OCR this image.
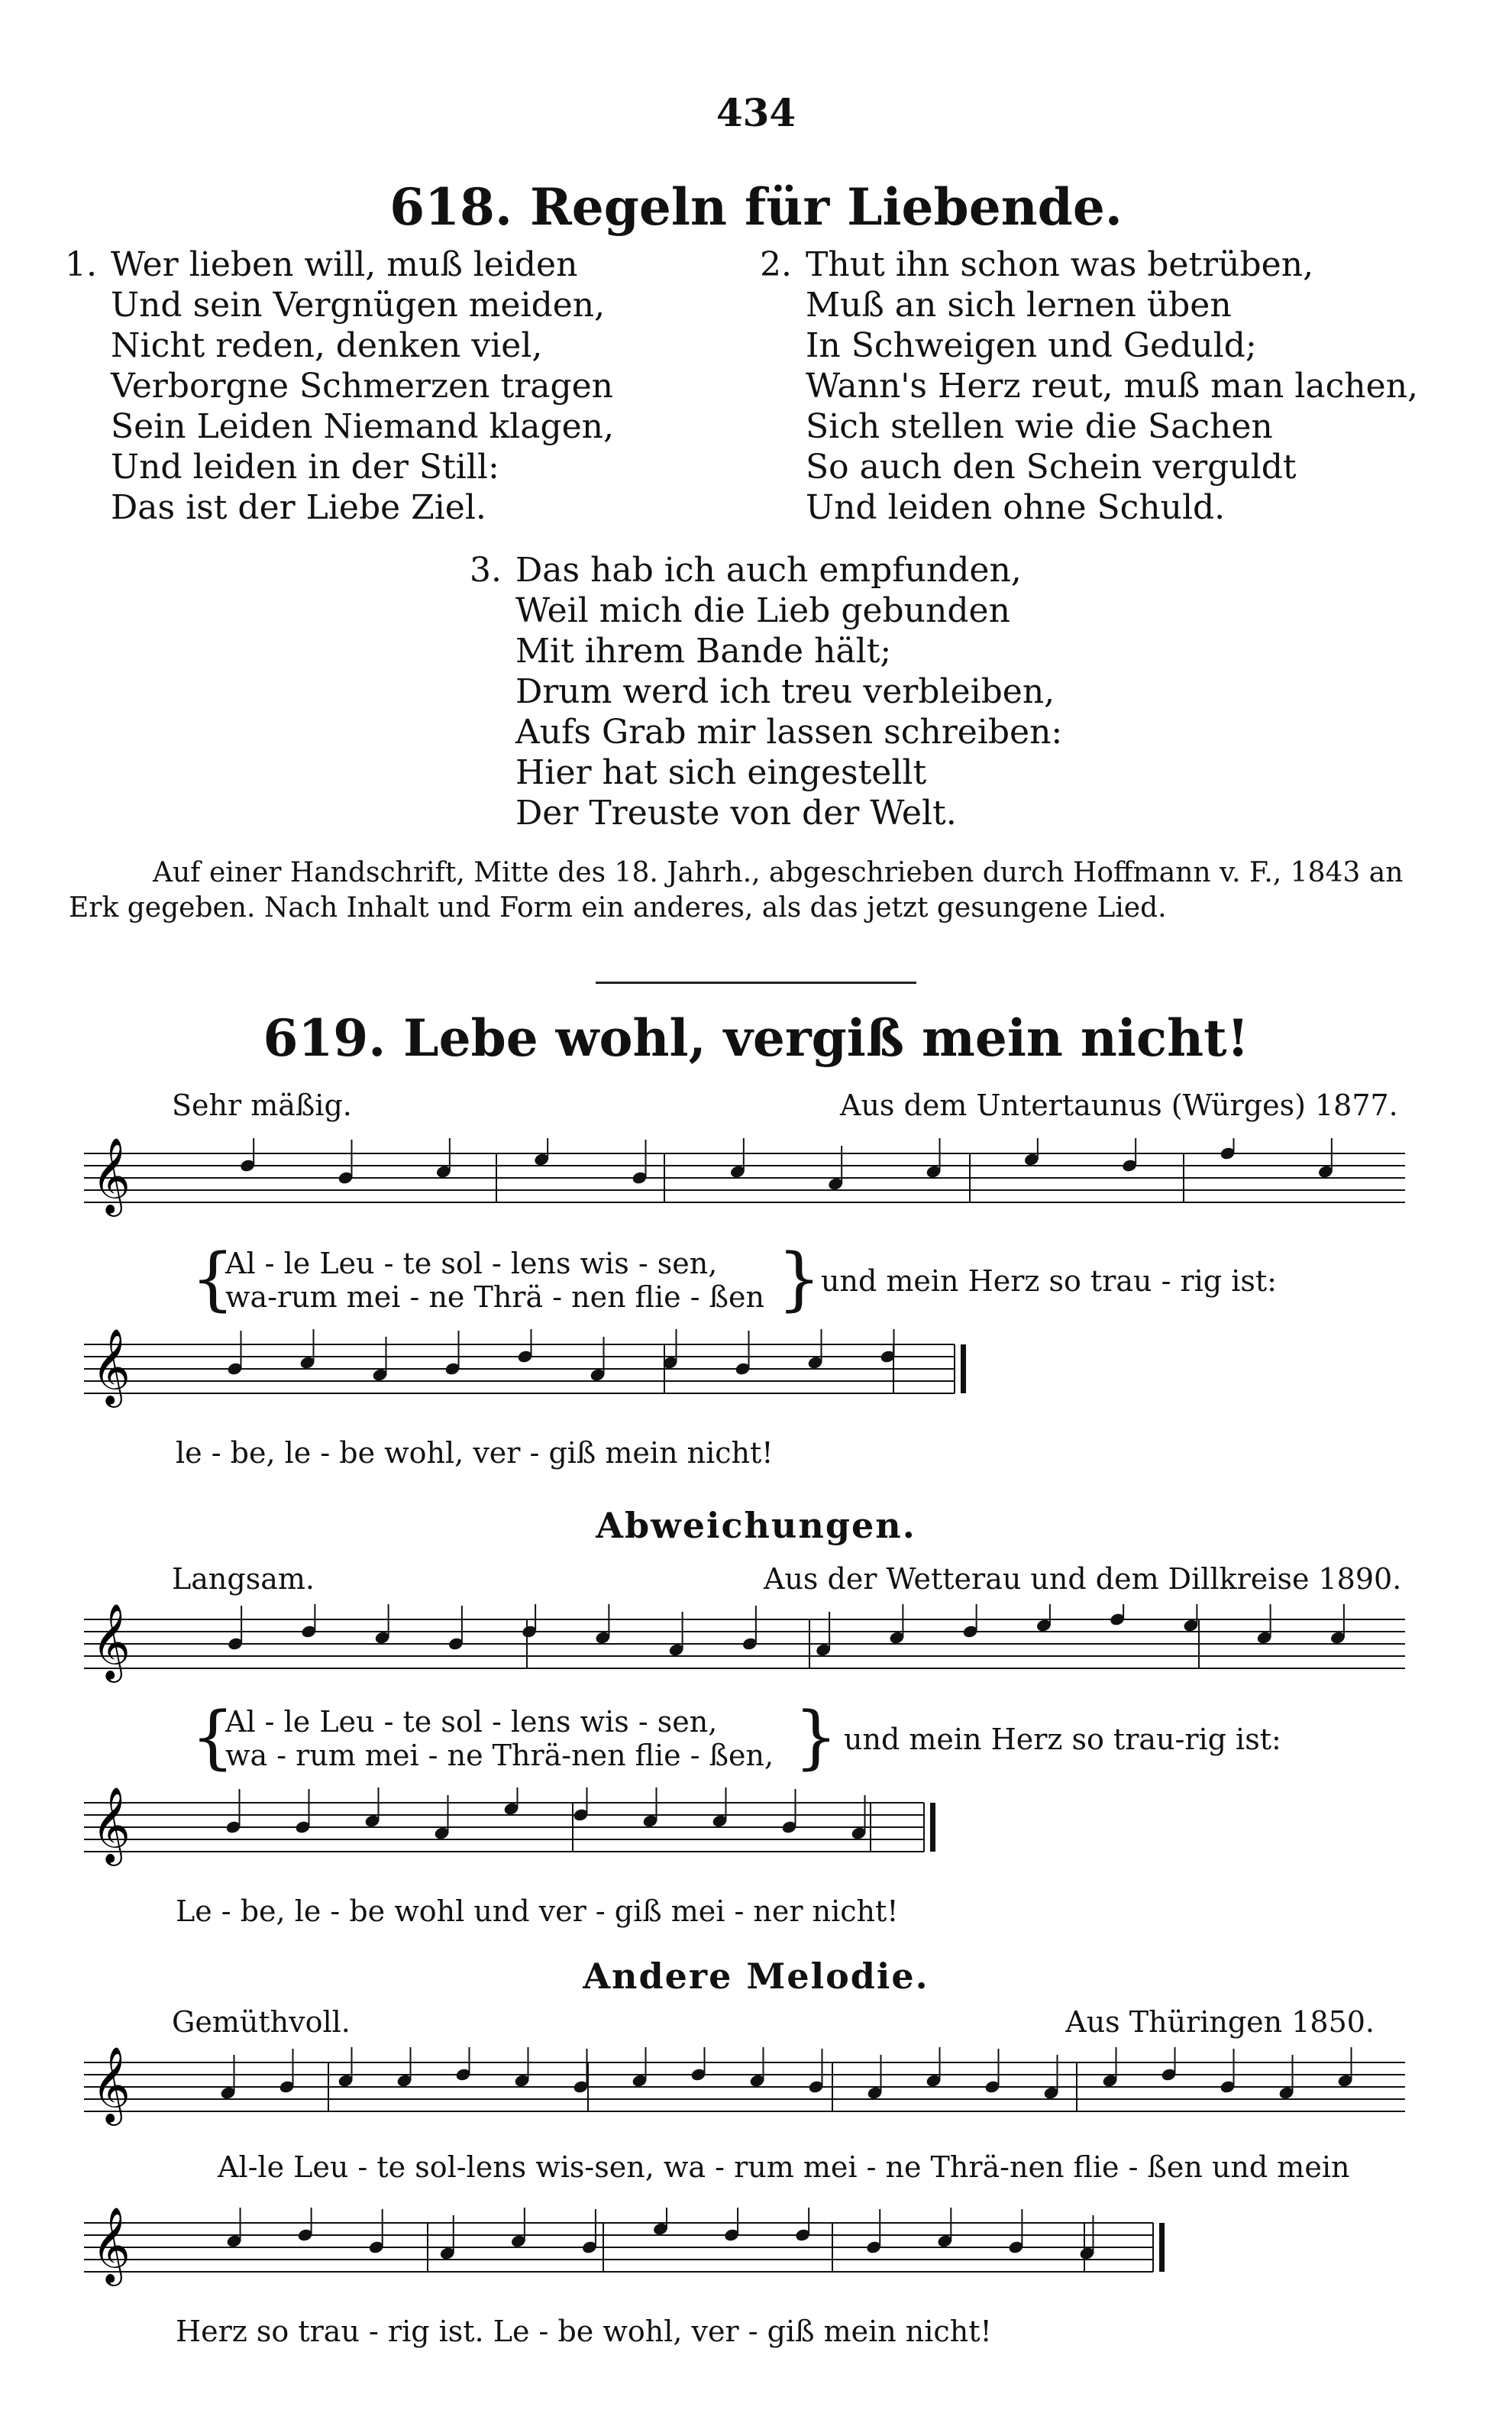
434
618. Regeln für Liebende.
1. Wer lieben will, muß leiden
Und sein Vergnügen meiden,
Nicht reden, denken viel,
Verborgne Schmerzen tragen
Sein Leiden Niemand klagen,
Und leiden in der Still:
Das ist der Liebe Ziel.
2. Thut ihn schon was betrüben,
Muß an sich lernen üben
In Schweigen und Geduld;
Wann's Herz reut, muß man lachen,
Sich stellen wie die Sachen
So auch den Schein verguldt
Und leiden ohne Schuld.
3. Das hab ich auch empfunden,
Weil mich die Lieb gebunden
Mit ihrem Bande hält;
Drum werd ich treu verbleiben,
Aufs Grab mir lassen schreiben:
Hier hat sich eingestellt
Der Treuste von der Welt.
Auf einer Handschrift, Mitte des 18. Jahrh., abgeschrieben durch Hoffmann v. F., 1843 an
Erk gegeben. Nach Inhalt und Form ein anderes, als das jetzt gesungene Lied.
619. Lebe wohl, vergiß mein nicht!
Sehr mäßig.	Aus dem Untertaunus (Würges) 1877.
𝄞
{
Al - le Leu - te sol - lens wis - sen,
wa-rum mei - ne Thrä - nen flie - ßen } und mein Herz so trau - rig ist:
𝄞
le - be, le - be wohl, ver - giß mein nicht!
Abweichungen.
Langsam.	Aus der Wetterau und dem Dillkreise 1890.
𝄞
{
Al - le Leu - te sol - lens wis - sen,
wa - rum mei - ne Thrä-nen flie - ßen, } und mein Herz so trau-rig ist:
𝄞
Le - be, le - be wohl und ver - giß mei - ner nicht!
Andere Melodie.
Gemüthvoll.	Aus Thüringen 1850.
𝄞
Al-le Leu - te sol-lens wis-sen, wa - rum mei - ne Thrä-nen flie - ßen und mein
𝄞
Herz so trau - rig ist. Le - be wohl, ver - giß mein nicht!
